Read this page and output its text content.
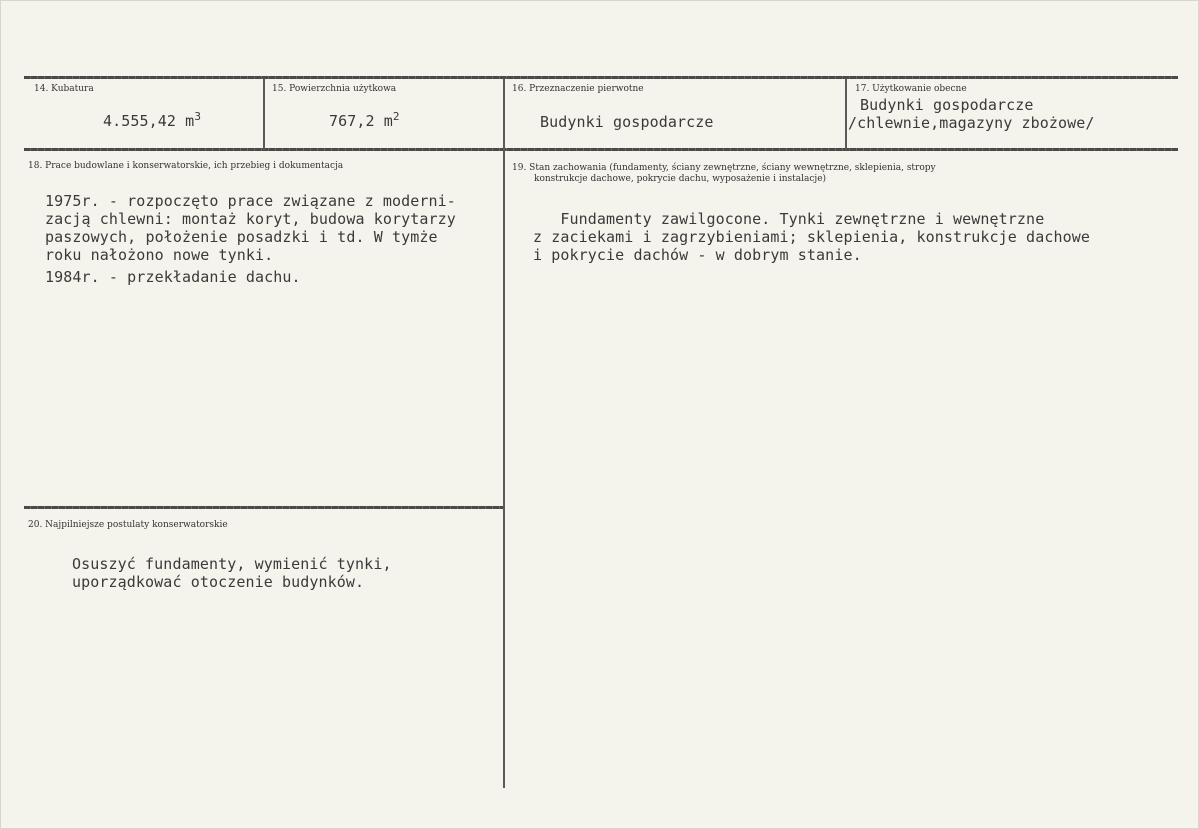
14. Kubatura
4.555,42 $m^3$
15. Powierzchnia użytkowa
767,2 $m^2$
16. Przeznaczenie pierwotne
Budynki gospodarcze
17. Użytkowanie obecne
Budynki gospodarcze
/chlewnie,magazyny zbożowe/
18. Prace budowlane i konserwatorskie, ich przebieg i dokumentacja
1975r. - rozpoczęto prace związane z moderni-
zacją chlewni: montaż koryt, budowa korytarzy
paszowych, położenie posadzki i td. W tymże
roku nałożono nowe tynki.
1984r. - przekładanie dachu.
19. Stan zachowania (fundamenty, ściany zewnętrzne, ściany wewnętrzne, sklepienia, stropy
konstrukcje dachowe, pokrycie dachu, wyposażenie i instalacje)
Fundamenty zawilgocone. Tynki zewnętrzne i wewnętrzne
z zaciekami i zagrzybieniami; sklepienia, konstrukcje dachowe
i pokrycie dachów - w dobrym stanie.
20. Najpilniejsze postulaty konserwatorskie
Osuszyć fundamenty, wymienić tynki,
uporządkować otoczenie budynków.
